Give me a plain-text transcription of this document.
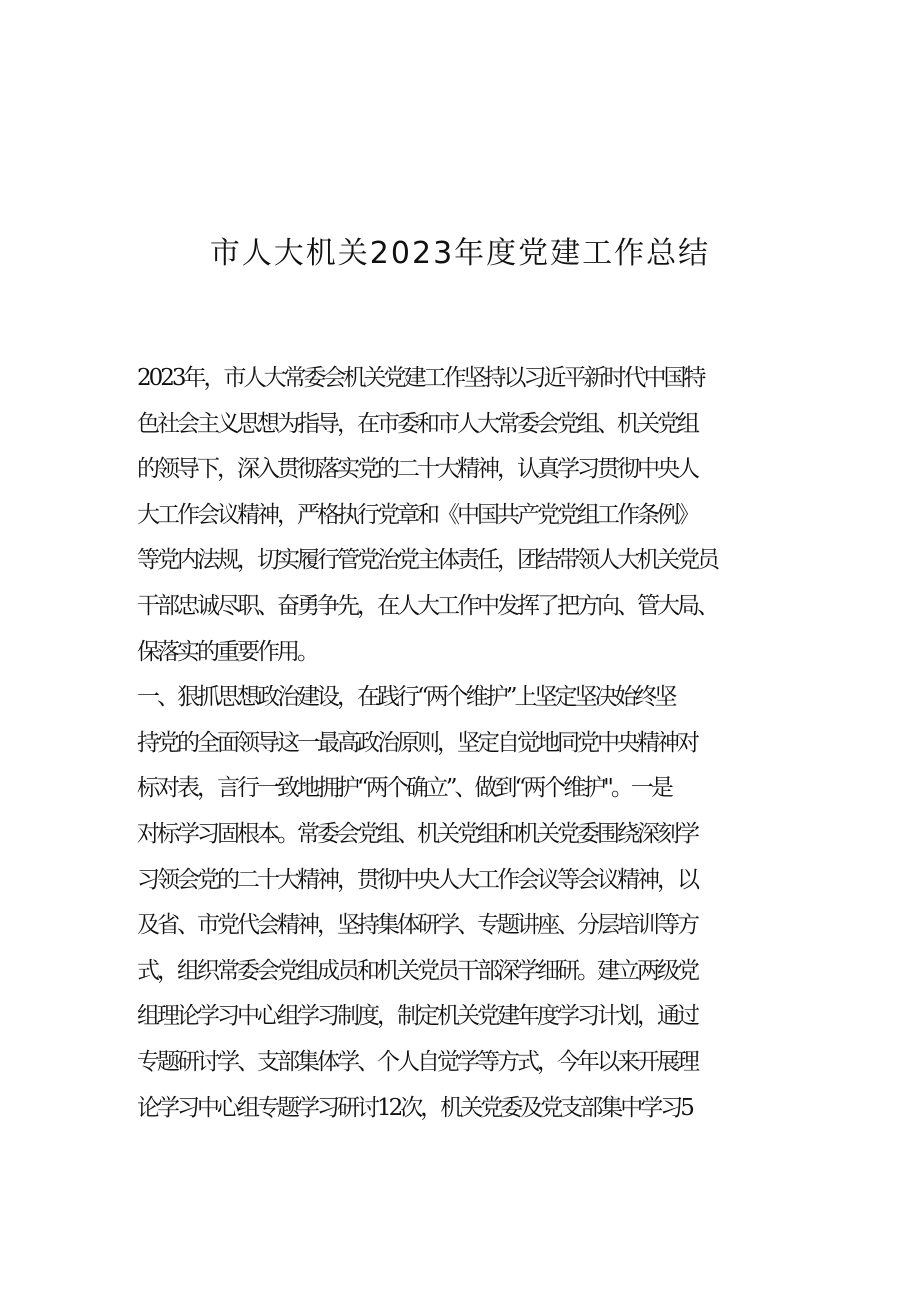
市人大机关2023年度党建工作总结
2023年，市人大常委会机关党建工作坚持以习近平新时代中国特
色社会主义思想为指导，在市委和市人大常委会党组、机关党组
的领导下，深入贯彻落实党的二十大精神，认真学习贯彻中央人
大工作会议精神，严格执行党章和《中国共产党党组工作条例》
等党内法规，切实履行管党治党主体责任，团结带领人大机关党员
干部忠诚尽职、奋勇争先，在人大工作中发挥了把方向、管大局、
保落实的重要作用。
一、狠抓思想政治建设，在践行“两个维护”上坚定坚决始终坚
持党的全面领导这一最高政治原则，坚定自觉地同党中央精神对
标对表，言行一致地拥护“两个确立”、做到“两个维护"。一是
对标学习固根本。常委会党组、机关党组和机关党委围绕深刻学
习领会党的二十大精神，贯彻中央人大工作会议等会议精神，以
及省、市党代会精神，坚持集体研学、专题讲座、分层培训等方
式，组织常委会党组成员和机关党员干部深学细研。建立两级党
组理论学习中心组学习制度，制定机关党建年度学习计划，通过
专题研讨学、支部集体学、个人自觉学等方式，今年以来开展理
论学习中心组专题学习研讨12次，机关党委及党支部集中学习5
